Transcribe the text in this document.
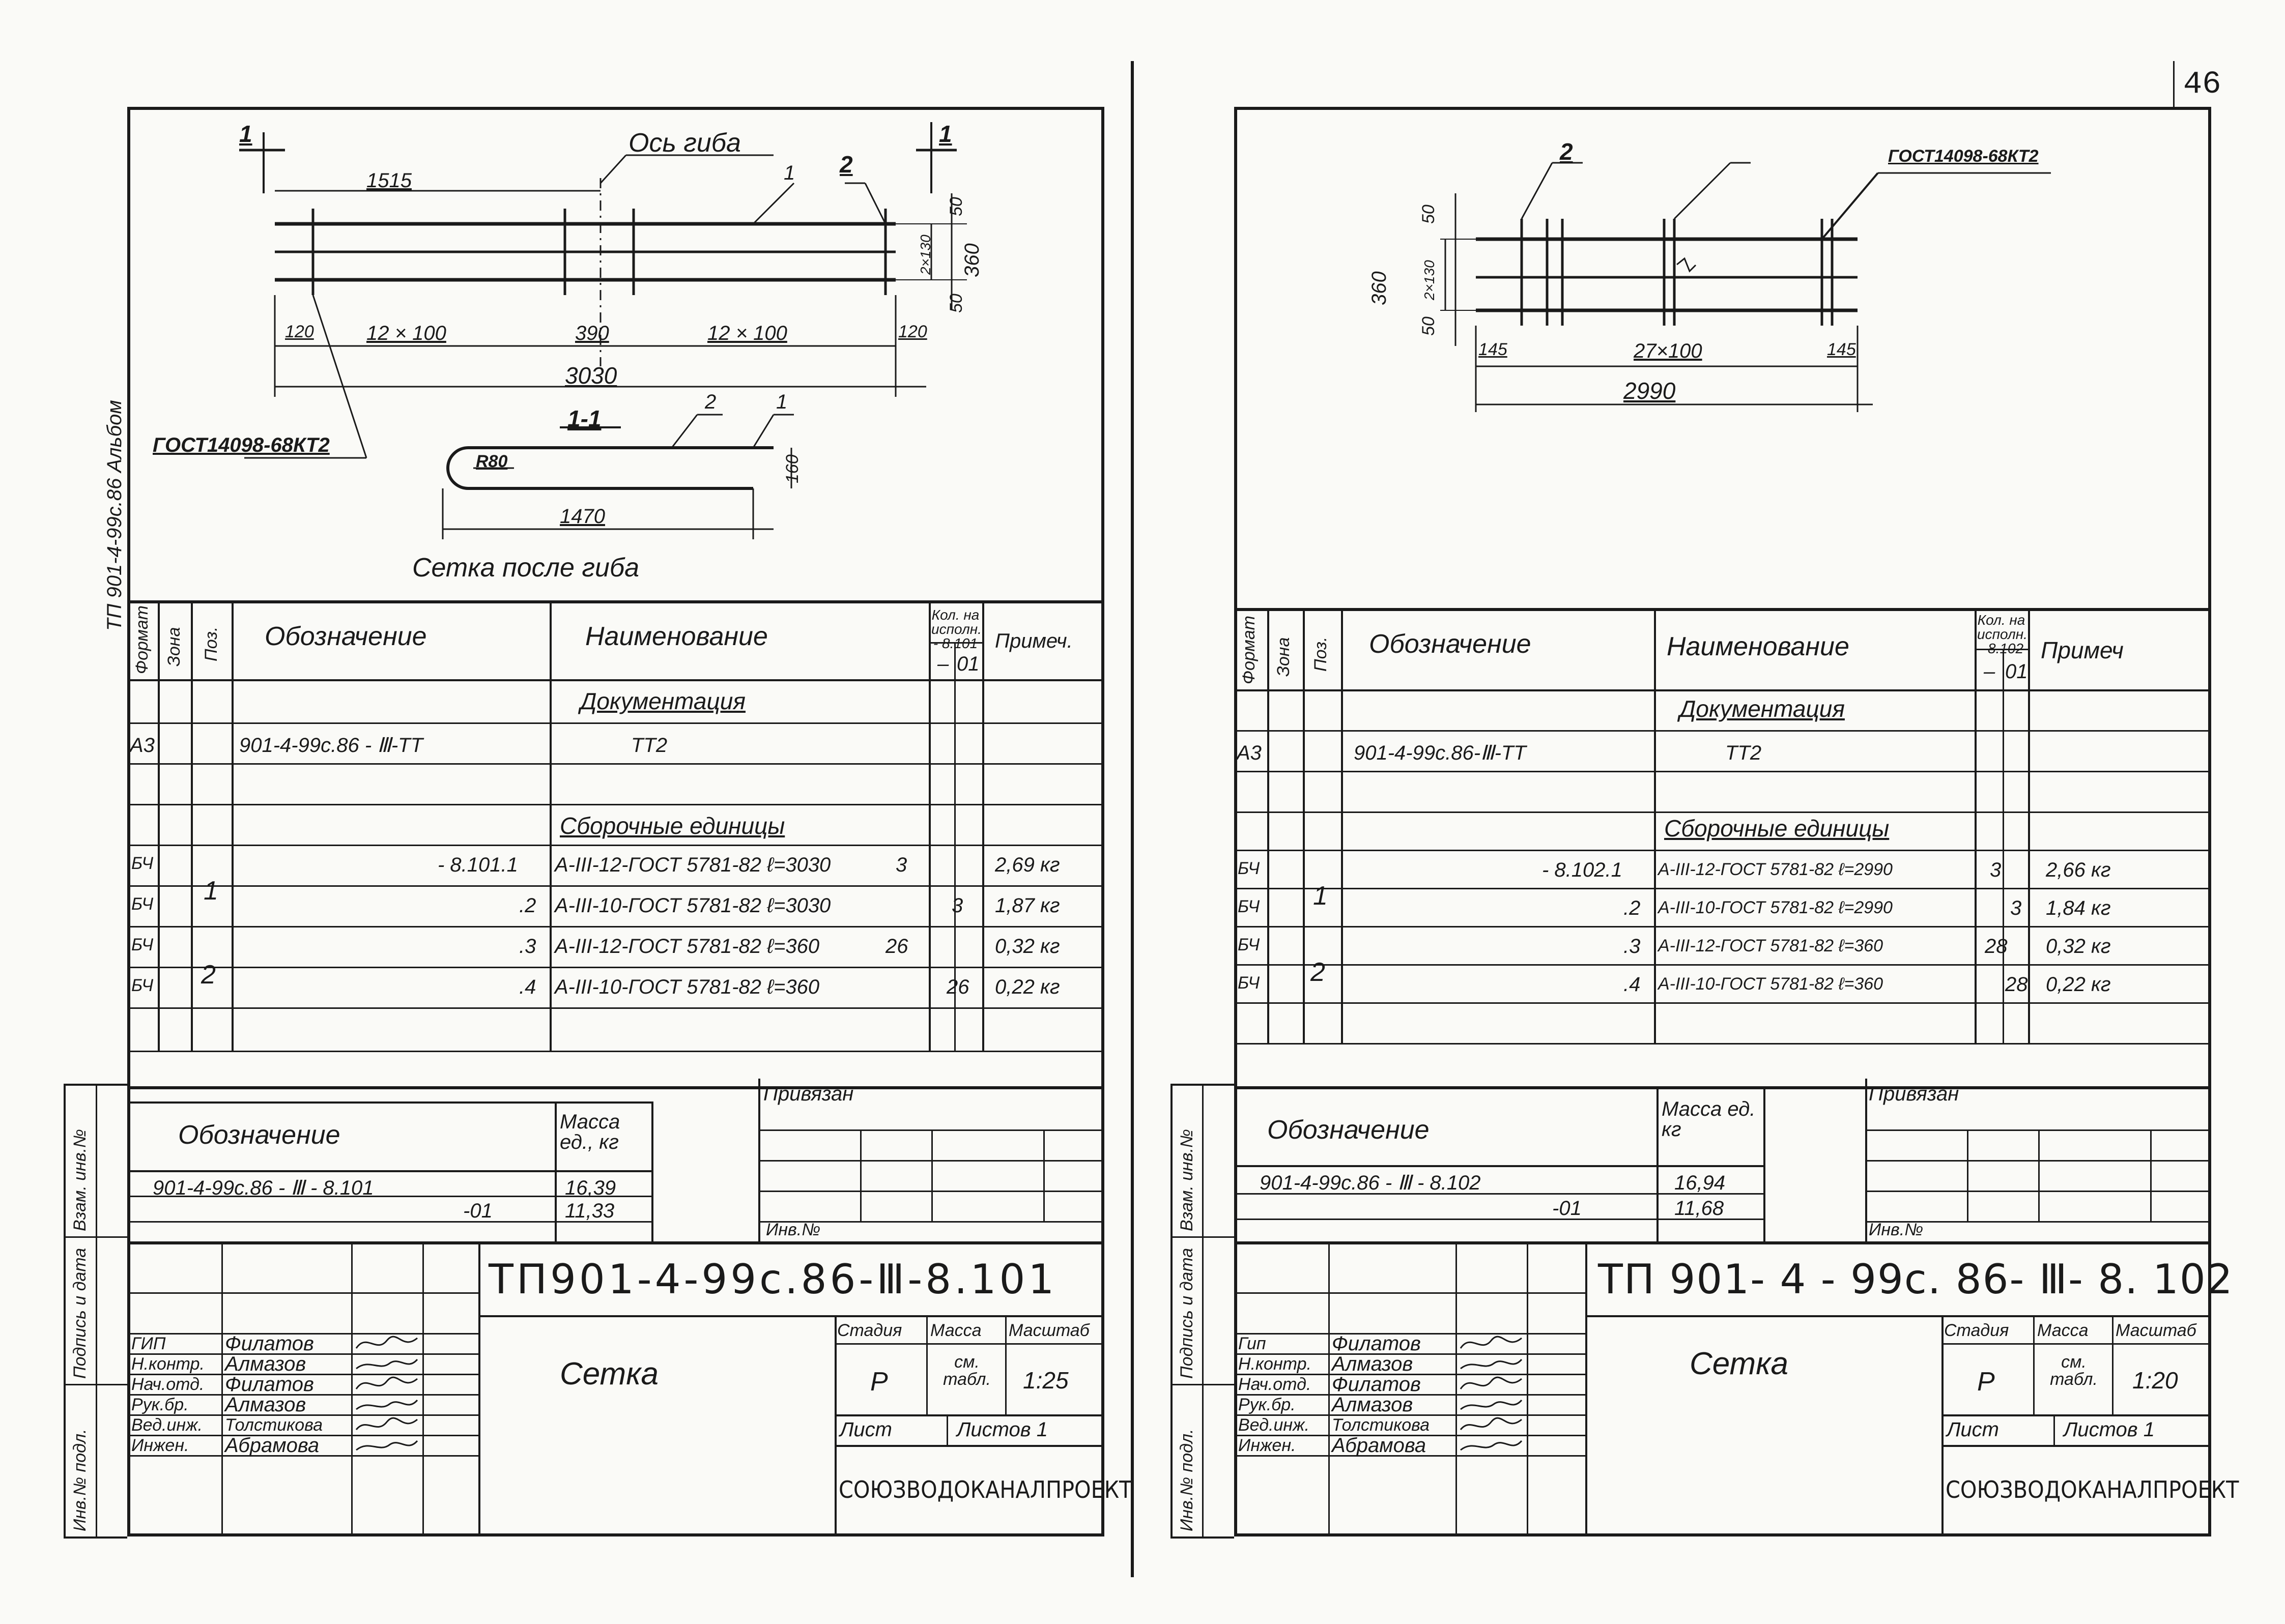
46
ТП 901-4-99с.86 Альбом
1	1
Ось гиба
1 2
1515
120	12 × 100	390	12 × 100	120
3030
50
2×130 360
50
ГОСТ14098-68КТ2
1-1
2	1
R80	160
1470
Сетка после гиба
Формат Зона Поз. Обозначение	Наименование
Кол. на исполн. - 8.101
– 01
Примеч.
Документация
А3	901-4-99с.86 - Ⅲ-ТТ	ТТ2
Сборочные единицы
БЧ	- 8.101.1 А-III-12-ГОСТ 5781-82 ℓ=3030	3	2,69 кг
БЧ	.2 А-III-10-ГОСТ 5781-82 ℓ=3030	3 1,87 кг
БЧ	.3 А-III-12-ГОСТ 5781-82 ℓ=360	26	0,32 кг
БЧ	.4 А-III-10-ГОСТ 5781-82 ℓ=360	26 0,22 кг
1
2
Инв.№ подл.
Подпись и дата
Взам. инв.№	Обозначение	Масса ед., кг
901-4-99с.86 - Ⅲ - 8.101	16,39
-01	11,33
Привязан
Инв.№
ТП901-4-99с.86-Ⅲ-8.101
Сетка
Стадия Масса Масштаб
Р
см. табл.	1:25
Лист	Листов 1
СОЮЗВОДОКАНАЛПРОЕКТ
ГИП	Филатов
Н.контр. Алмазов
Нач.отд. Филатов
Рук.бр. Алмазов
Вед.инж. Толстикова
Инжен. Абрамова
2	ГОСТ14098-68КТ2
50
2×130
360
50
145	27×100	145
2990
Формат Зона Поз. Обозначение	Наименование
Кол. на исполн. - 8.102
– 01
Примеч
Документация
А3	901-4-99с.86-Ⅲ-ТТ	ТТ2
Сборочные единицы
БЧ	- 8.102.1 А-III-12-ГОСТ 5781-82 ℓ=2990	3 2,66 кг
БЧ	.2 А-III-10-ГОСТ 5781-82 ℓ=2990	3 1,84 кг
БЧ	.3 А-III-12-ГОСТ 5781-82 ℓ=360	28 0,32 кг
БЧ	.4 А-III-10-ГОСТ 5781-82 ℓ=360	28 0,22 кг
1
2
Инв.№ подл.
Подпись и дата
Взам. инв.№	Обозначение
Масса ед. кг
901-4-99с.86 - Ⅲ - 8.102	16,94
-01	11,68
Привязан
Инв.№
ТП 901- 4 - 99с. 86- Ⅲ- 8. 102
Сетка
Стадия Масса Масштаб
Р
см. табл.	1:20
Лист	Листов 1
СОЮЗВОДОКАНАЛПРОЕКТ
Гип	Филатов
Н.контр. Алмазов
Нач.отд. Филатов
Рук.бр. Алмазов
Вед.инж. Толстикова
Инжен. Абрамова
